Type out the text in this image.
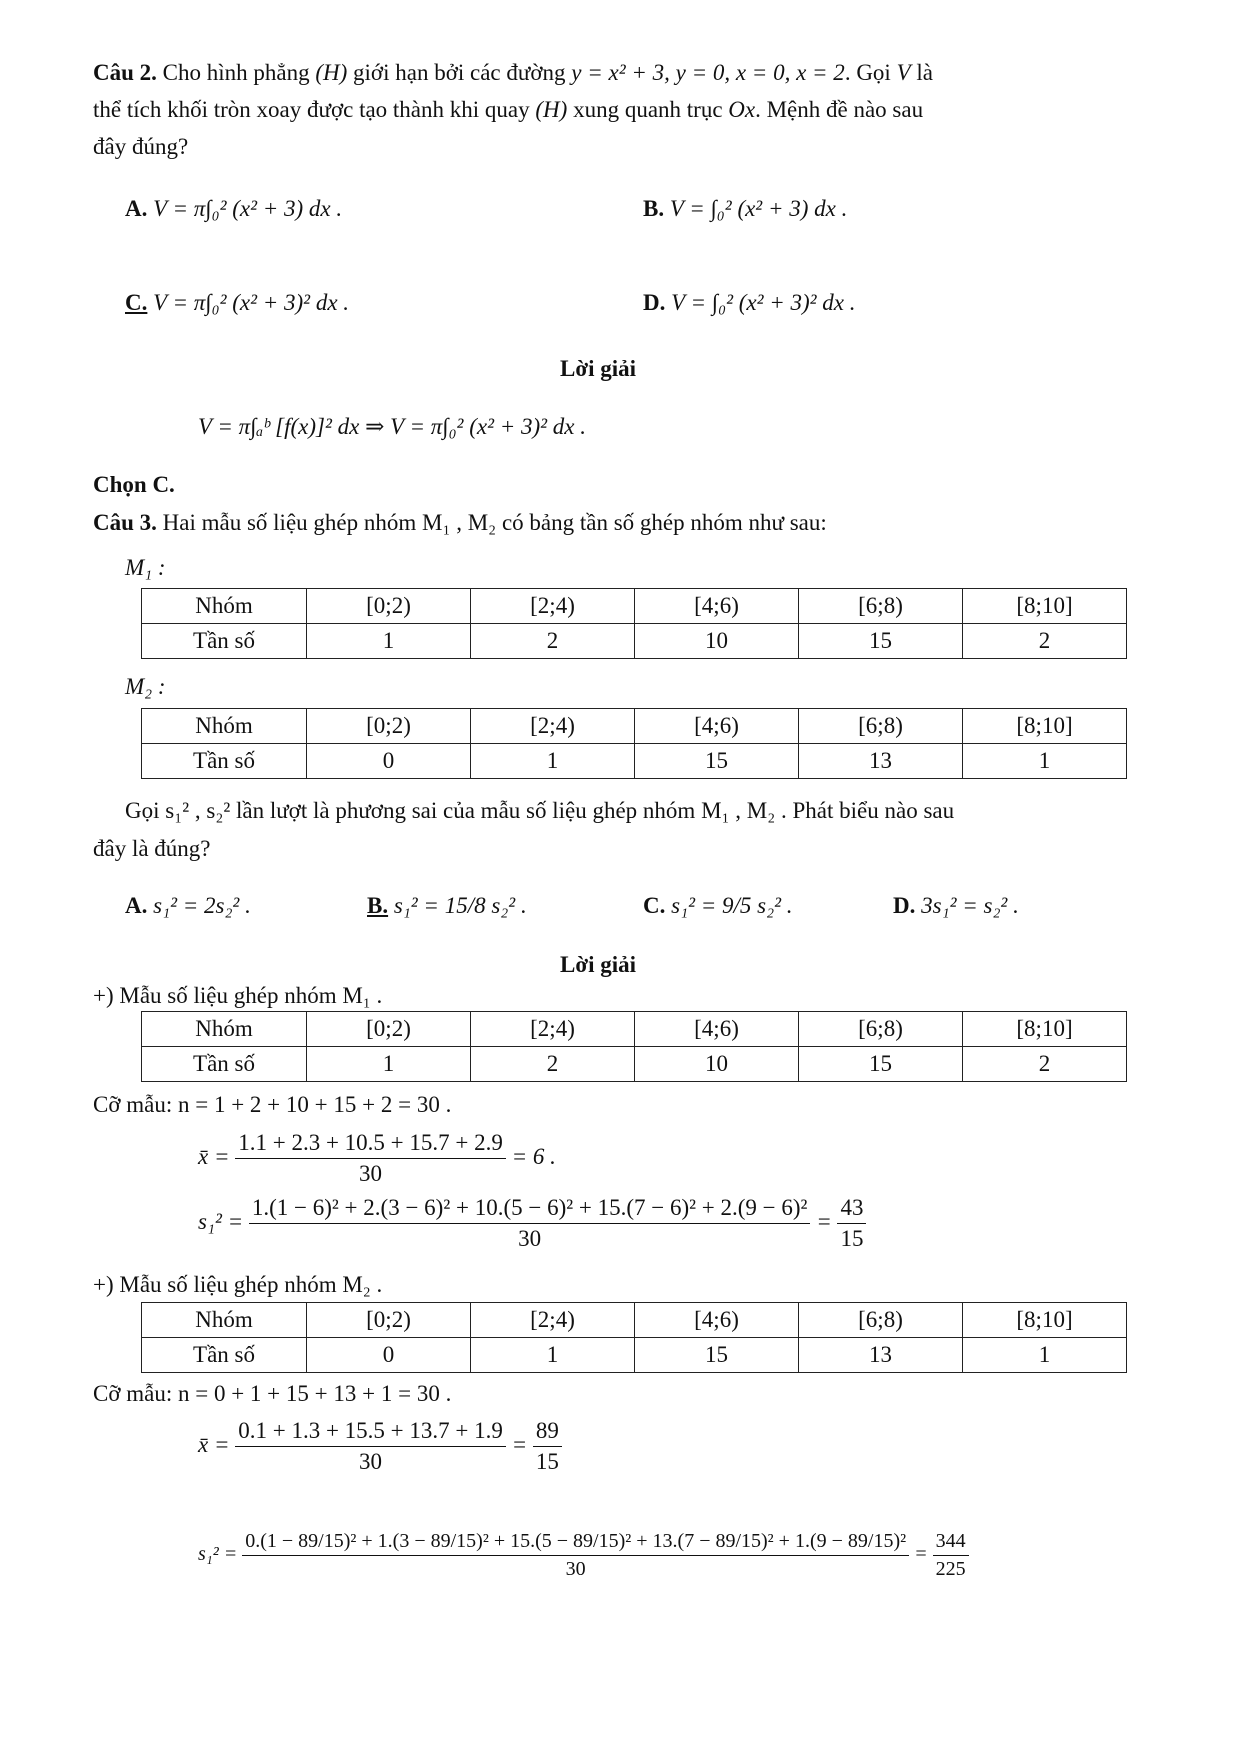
Câu 2. Cho hình phẳng (H) giới hạn bởi các đường y = x² + 3, y = 0, x = 0, x = 2. Gọi V là
thể tích khối tròn xoay được tạo thành khi quay (H) xung quanh trục Ox. Mệnh đề nào sau
đây đúng?
A. V = π∫₀² (x² + 3) dx .	B. V = ∫₀² (x² + 3) dx .
C. V = π∫₀² (x² + 3)² dx .	D. V = ∫₀² (x² + 3)² dx .
Lời giải
V = π∫ₐᵇ [f(x)]² dx ⇒ V = π∫₀² (x² + 3)² dx .
Chọn C.
Câu 3. Hai mẫu số liệu ghép nhóm M₁ , M₂ có bảng tần số ghép nhóm như sau:
M₁ :
Nhóm	[0;2)	[2;4)	[4;6)	[6;8)	[8;10]
Tần số	1	2	10	15	2
M₂ :
Nhóm	[0;2)	[2;4)	[4;6)	[6;8)	[8;10]
Tần số	0	1	15	13	1
Gọi s₁² , s₂² lần lượt là phương sai của mẫu số liệu ghép nhóm M₁ , M₂ . Phát biểu nào sau
đây là đúng?
A. s₁² = 2s₂² .	B. s₁² = 15/8 s₂² .	C. s₁² = 9/5 s₂² .	D. 3s₁² = s₂² .
Lời giải
+) Mẫu số liệu ghép nhóm M₁ .
Nhóm	[0;2)	[2;4)	[4;6)	[6;8)	[8;10]
Tần số	1	2	10	15	2
Cỡ mẫu: n = 1 + 2 + 10 + 15 + 2 = 30 .
x̄ = $\frac{1.1 + 2.3 + 10.5 + 15.7 + 2.9}{30} = 6$ .
s₁² =
1.(1 − 6)² + 2.(3 − 6)² + 10.(5 − 6)² + 15.(7 − 6)² + 2.(9 − 6)²
30
= $\frac{43}{15}$
+) Mẫu số liệu ghép nhóm M₂ .
Nhóm	[0;2)	[2;4)	[4;6)	[6;8)	[8;10]
Tần số	0	1	15	13	1
Cỡ mẫu: n = 0 + 1 + 15 + 13 + 1 = 30 .
x̄ = $\frac{0.1 + 1.3 + 15.5 + 13.7 + 1.9}{30} = \frac{89}{15}$
s₁² =
0.(1 − 89/15)² + 1.(3 − 89/15)² + 15.(5 − 89/15)² + 13.(7 − 89/15)² + 1.(9 − 89/15)²
30
= $\frac{344}{225}$
